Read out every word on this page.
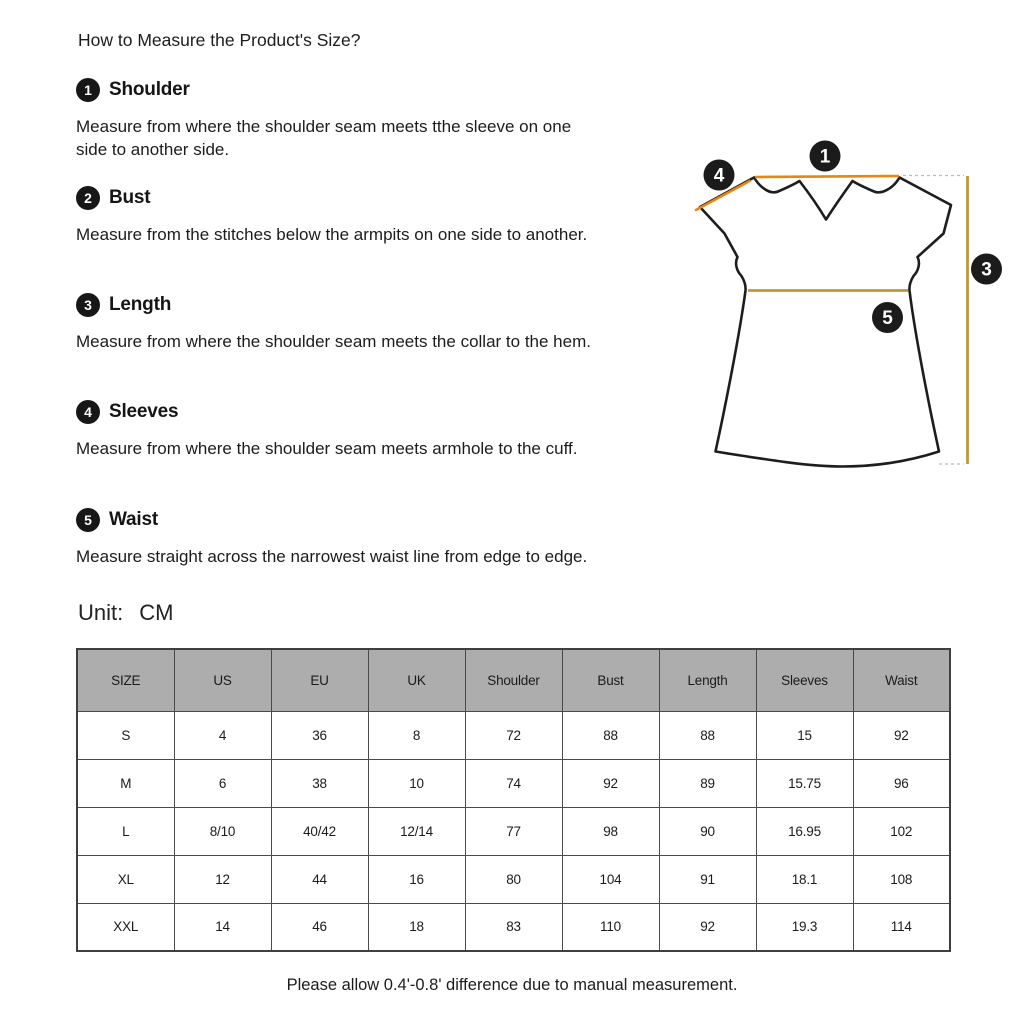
How to Measure the Product's Size?
1 Shoulder
Measure from where the shoulder seam meets tthe sleeve on one side to another side.
2 Bust
Measure from the stitches below the armpits on one side to another.
3 Length
Measure from where the shoulder seam meets the collar to the hem.
4 Sleeves
Measure from where the shoulder seam meets armhole to the cuff.
5 Waist
Measure straight across the narrowest waist line from edge to edge.
Unit: CM
1
4
3
5
SIZE	US	EU	UK	Shoulder	Bust	Length	Sleeves	Waist
S	4	36	8	72	88	88	15	92
M	6	38	10	74	92	89	15.75	96
L	8/10	40/42	12/14	77	98	90	16.95	102
XL	12	44	16	80	104	91	18.1	108
XXL	14	46	18	83	110	92	19.3	114
Please allow 0.4'-0.8' difference due to manual measurement.
